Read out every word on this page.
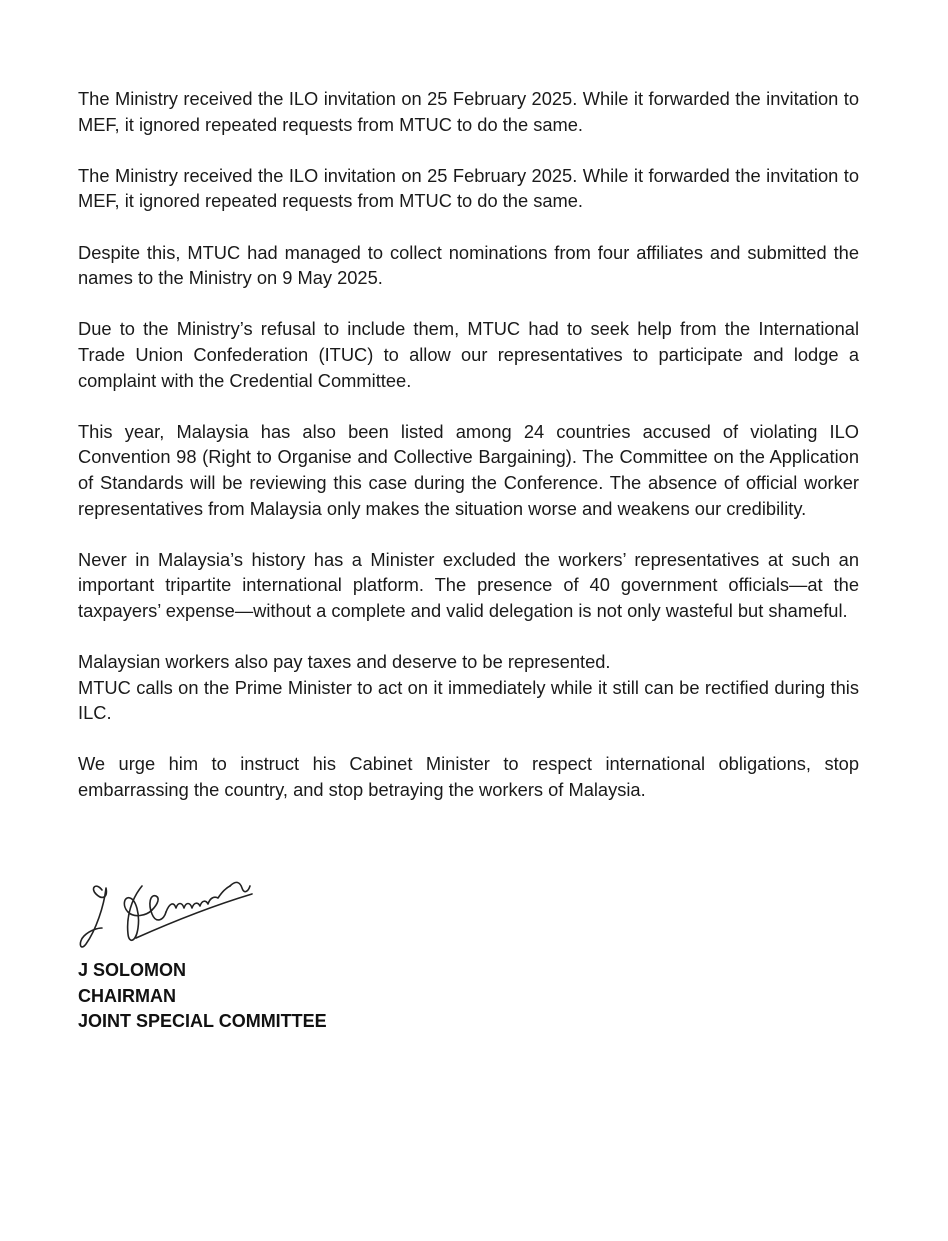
The Ministry received the ILO invitation on 25 February 2025. While it forwarded the invitation to MEF, it ignored repeated requests from MTUC to do the same.

The Ministry received the ILO invitation on 25 February 2025. While it forwarded the invitation to MEF, it ignored repeated requests from MTUC to do the same.

Despite this, MTUC had managed to collect nominations from four affiliates and submitted the names to the Ministry on 9 May 2025.

Due to the Ministry’s refusal to include them, MTUC had to seek help from the International Trade Union Confederation (ITUC) to allow our representatives to participate and lodge a complaint with the Credential Committee.

This year, Malaysia has also been listed among 24 countries accused of violating ILO Convention 98 (Right to Organise and Collective Bargaining). The Committee on the Application of Standards will be reviewing this case during the Conference. The absence of official worker representatives from Malaysia only makes the situation worse and weakens our credibility.

Never in Malaysia’s history has a Minister excluded the workers’ representatives at such an important tripartite international platform. The presence of 40 government officials—at the taxpayers’ expense—without a complete and valid delegation is not only wasteful but shameful.

Malaysian workers also pay taxes and deserve to be represented.

MTUC calls on the Prime Minister to act on it immediately while it still can be rectified during this ILC.

We urge him to instruct his Cabinet Minister to respect international obligations, stop embarrassing the country, and stop betraying the workers of Malaysia.

J SOLOMON
CHAIRMAN
JOINT SPECIAL COMMITTEE
